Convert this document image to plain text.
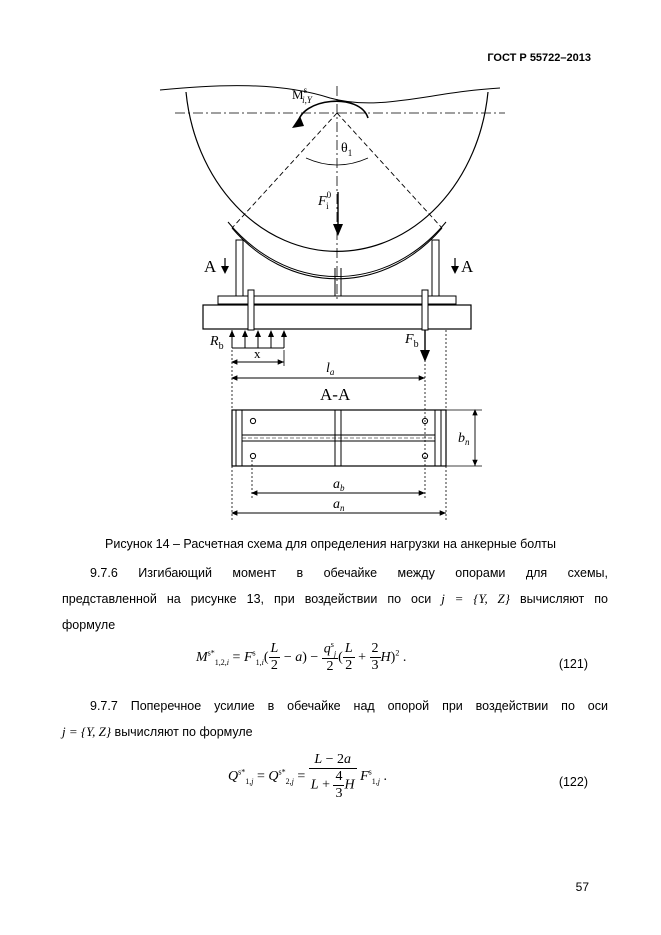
ГОСТ Р 55722–2013
A	A
$R_b$	$F_b$
x
$l_a$
A-A
$b_n$
$a_b$
$a_n$
$M^s$ i,Y
$\theta_1$
$F^0$ i
Рисунок 14 – Расчетная схема для определения нагрузки на анкерные болты
9.7.6 Изгибающий момент в обечайке между опорами для схемы,
представленной на рисунке 13, при воздействии по оси j = {Y, Z} вычисляют по
формуле
$M^{s*}_{1,2,i} = F^s_{1,i}( \frac{L}{2} - a) - \frac{q^s_j}{2}$ ( $\frac{L}{2} + \frac{2}{3} H)^2$ .	(121)
9.7.7 Поперечное усилие в обечайке над опорой при воздействии по оси
j = {Y, Z} вычисляют по формуле
$Q^{s*}_{1,j} = Q^{s*}_{2,j} = \frac{L - 2a}{L + \frac{4}{3} H} F^s_{1,j}$ .	(122)
57
